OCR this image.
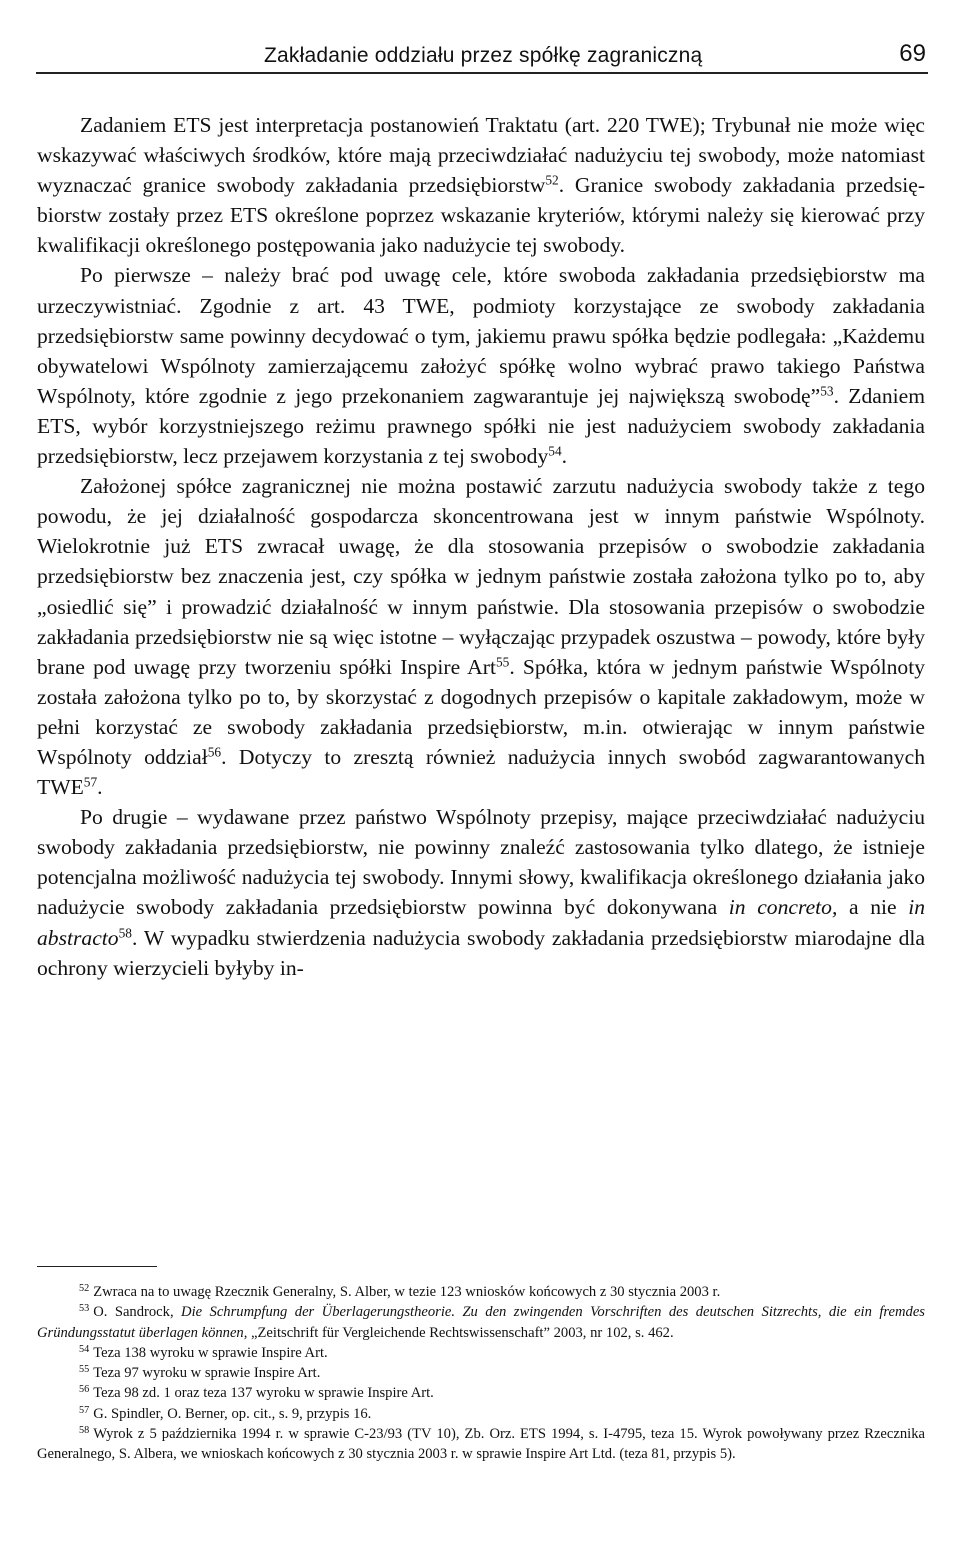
Zakładanie oddziału przez spółkę zagraniczną	69

Zadaniem ETS jest interpretacja postanowień Traktatu (art. 220 TWE); Trybunał nie może więc wskazywać właściwych środków, które mają przeciwdziałać nadużyciu tej swobody, może natomiast wyznaczać granice swobody zakładania przedsiębiorstw$^{52}$. Granice swobody zakładania przedsiębiorstw zostały przez ETS określone poprzez wskazanie kryteriów, którymi należy się kierować przy kwalifikacji określonego postępowania jako nadużycie tej swobody.

Po pierwsze – należy brać pod uwagę cele, które swoboda zakładania przedsiębiorstw ma urzeczywistniać. Zgodnie z art. 43 TWE, podmioty korzystające ze swobody zakładania przedsiębiorstw same powinny decydować o tym, jakiemu prawu spółka będzie podlegała: „Każdemu obywatelowi Wspólnoty zamierzającemu założyć spółkę wolno wybrać prawo takiego Państwa Wspólnoty, które zgodnie z jego przekonaniem zagwarantuje jej największą swobodę”$^{53}$. Zdaniem ETS, wybór korzystniejszego reżimu prawnego spółki nie jest nadużyciem swobody zakładania przedsiębiorstw, lecz przejawem korzystania z tej swobody$^{54}$.

Założonej spółce zagranicznej nie można postawić zarzutu nadużycia swobody także z tego powodu, że jej działalność gospodarcza skoncentrowana jest w innym państwie Wspólnoty. Wielokrotnie już ETS zwracał uwagę, że dla stosowania przepisów o swobodzie zakładania przedsiębiorstw bez znaczenia jest, czy spółka w jednym państwie została założona tylko po to, aby „osiedlić się” i prowadzić działalność w innym państwie. Dla stosowania przepisów o swobodzie zakładania przedsiębiorstw nie są więc istotne – wyłączając przypadek oszustwa – powody, które były brane pod uwagę przy tworzeniu spółki Inspire Art$^{55}$. Spółka, która w jednym państwie Wspólnoty została założona tylko po to, by skorzystać z dogodnych przepisów o kapitale zakładowym, może w pełni korzystać ze swobody zakładania przedsiębiorstw, m.in. otwierając w innym państwie Wspólnoty oddział$^{56}$. Dotyczy to zresztą również nadużycia innych swobód zagwarantowanych TWE$^{57}$.

Po drugie – wydawane przez państwo Wspólnoty przepisy, mające przeciwdziałać nadużyciu swobody zakładania przedsiębiorstw, nie powinny znaleźć zastosowania tylko dlatego, że istnieje potencjalna możliwość nadużycia tej swobody. Innymi słowy, kwalifikacja określonego działania jako nadużycie swobody zakładania przedsiębiorstw powinna być dokonywana in concreto, a nie in abstracto$^{58}$. W wypadku stwierdzenia nadużycia swobody zakładania przedsiębiorstw miarodajne dla ochrony wierzycieli byłyby in-

$^{52}$ Zwraca na to uwagę Rzecznik Generalny, S. Alber, w tezie 123 wniosków końcowych z 30 stycznia 2003 r.

$^{53}$ O. Sandrock, Die Schrumpfung der Überlagerungstheorie. Zu den zwingenden Vorschriften des deutschen Sitzrechts, die ein fremdes Gründungsstatut überlagen können, „Zeitschrift für Vergleichende Rechtswissenschaft” 2003, nr 102, s. 462.

$^{54}$ Teza 138 wyroku w sprawie Inspire Art.

$^{55}$ Teza 97 wyroku w sprawie Inspire Art.

$^{56}$ Teza 98 zd. 1 oraz teza 137 wyroku w sprawie Inspire Art.

$^{57}$ G. Spindler, O. Berner, op. cit., s. 9, przypis 16.

$^{58}$ Wyrok z 5 października 1994 r. w sprawie C-23/93 (TV 10), Zb. Orz. ETS 1994, s. I-4795, teza 15. Wyrok powoływany przez Rzecznika Generalnego, S. Albera, we wnioskach końcowych z 30 stycznia 2003 r. w sprawie Inspire Art Ltd. (teza 81, przypis 5).
